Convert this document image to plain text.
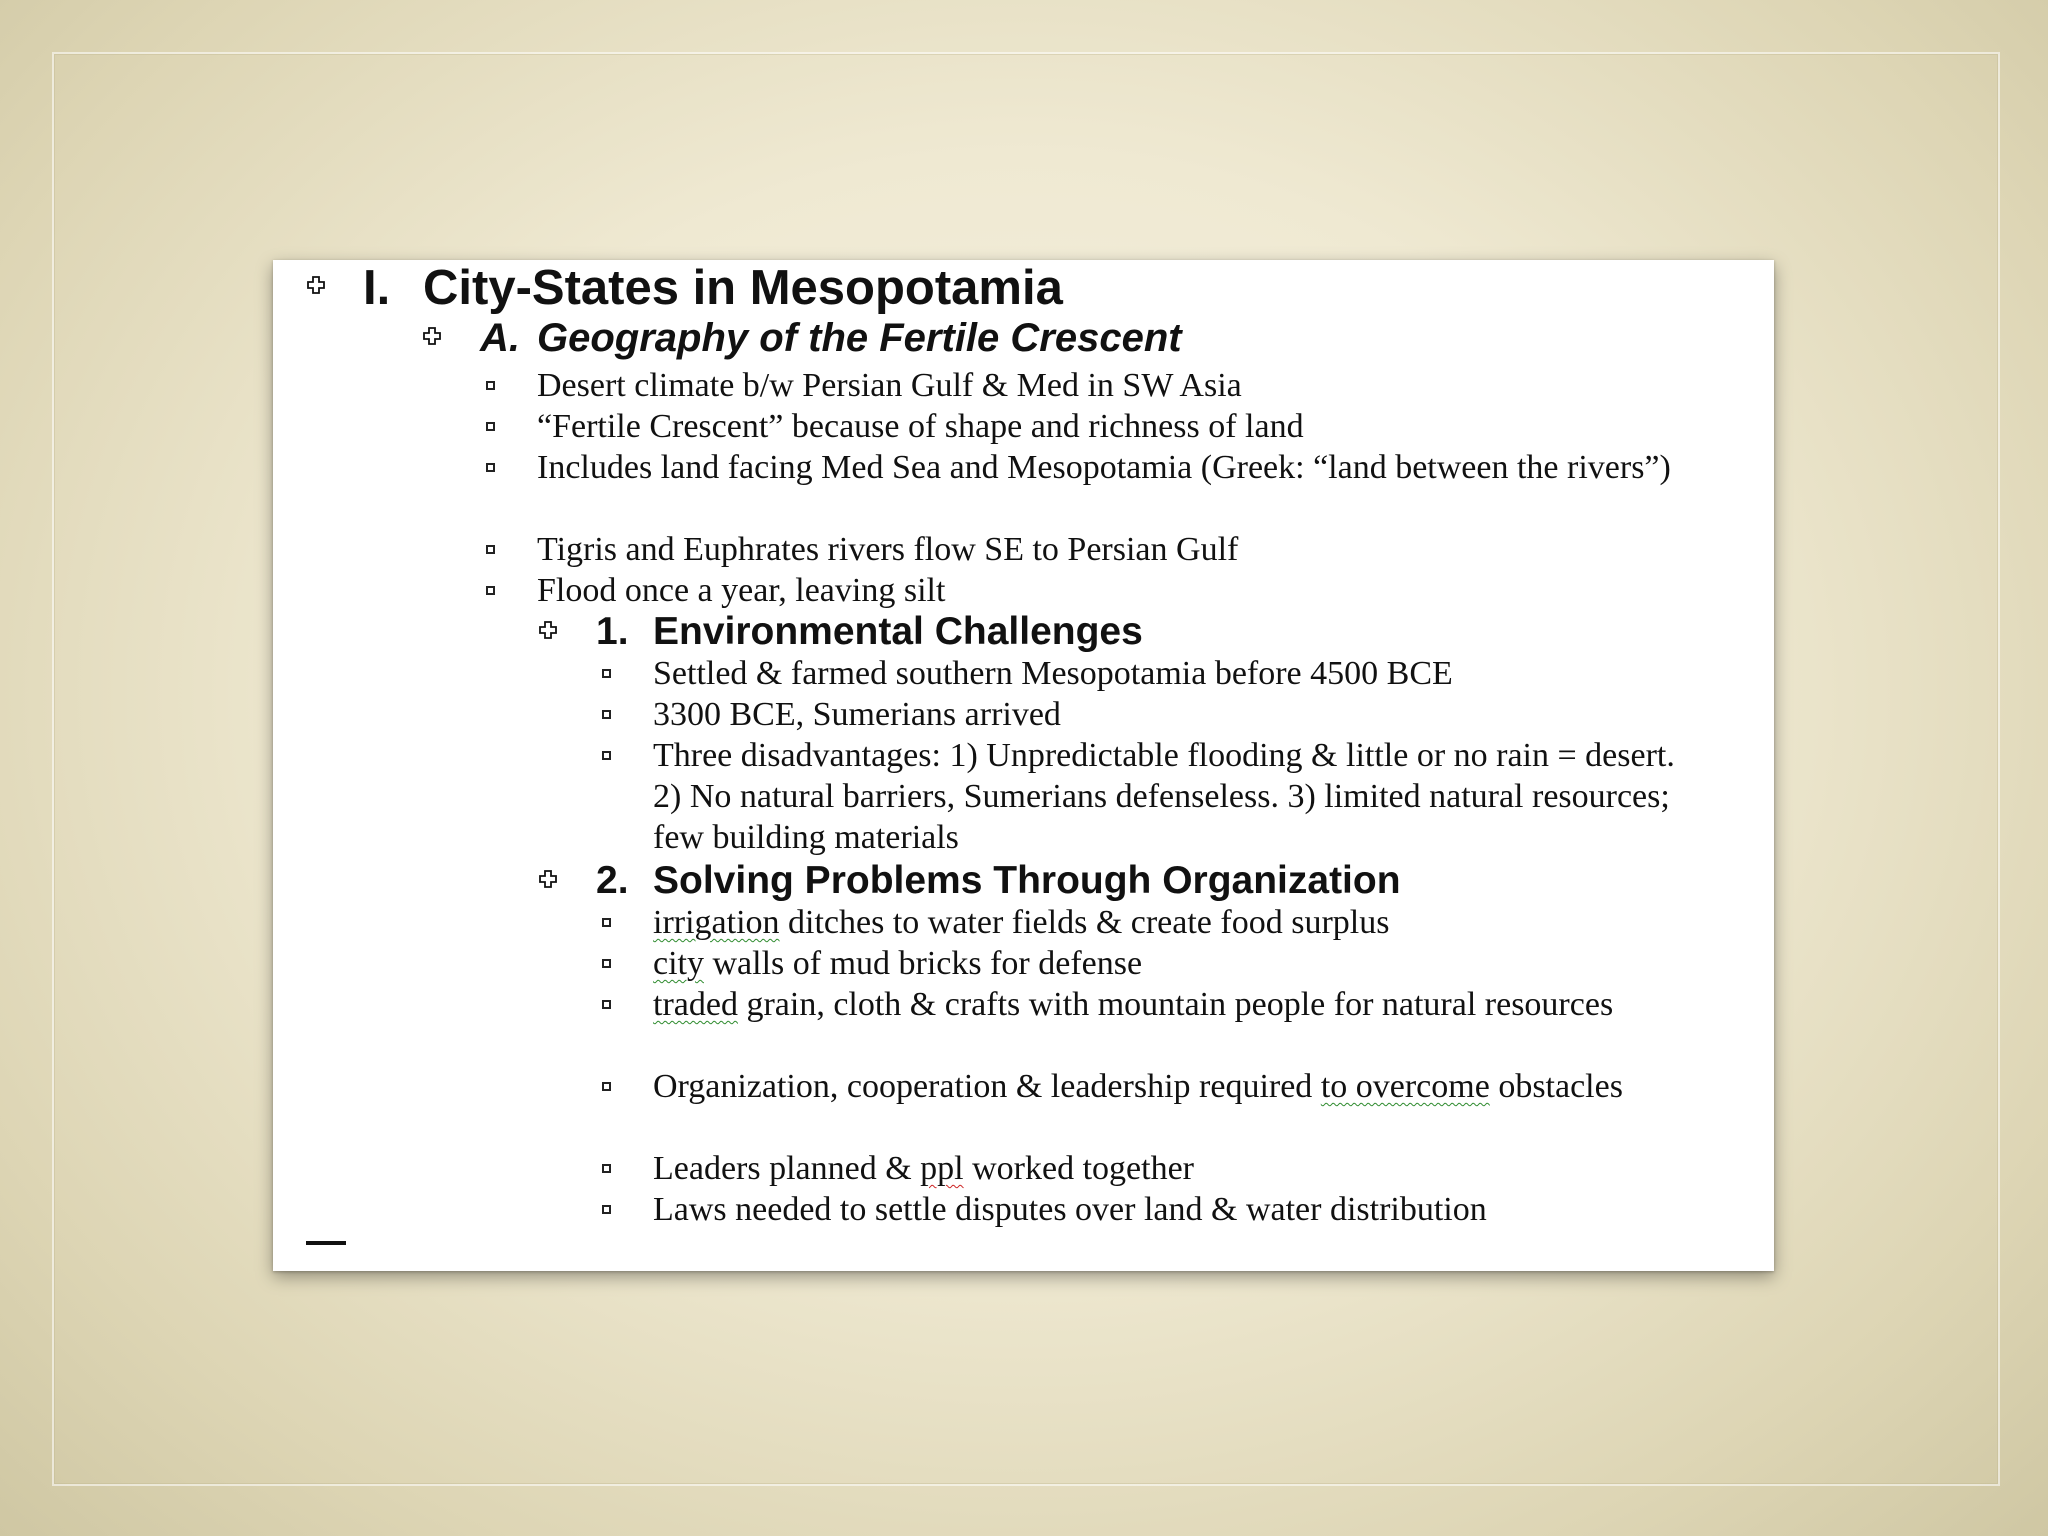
I. City-States in Mesopotamia
A. Geography of the Fertile Crescent
Desert climate b/w Persian Gulf & Med in SW Asia
“Fertile Crescent” because of shape and richness of land
Includes land facing Med Sea and Mesopotamia (Greek: “land between the rivers”)
Tigris and Euphrates rivers flow SE to Persian Gulf
Flood once a year, leaving silt
1. Environmental Challenges
Settled & farmed southern Mesopotamia before 4500 BCE
3300 BCE, Sumerians arrived
Three disadvantages: 1) Unpredictable flooding & little or no rain = desert. 2) No natural barriers, Sumerians defenseless. 3) limited natural resources; few building materials
2. Solving Problems Through Organization
irrigation ditches to water fields & create food surplus
city walls of mud bricks for defense
traded grain, cloth & crafts with mountain people for natural resources
Organization, cooperation & leadership required to overcome obstacles
Leaders planned & ppl worked together
Laws needed to settle disputes over land & water distribution
